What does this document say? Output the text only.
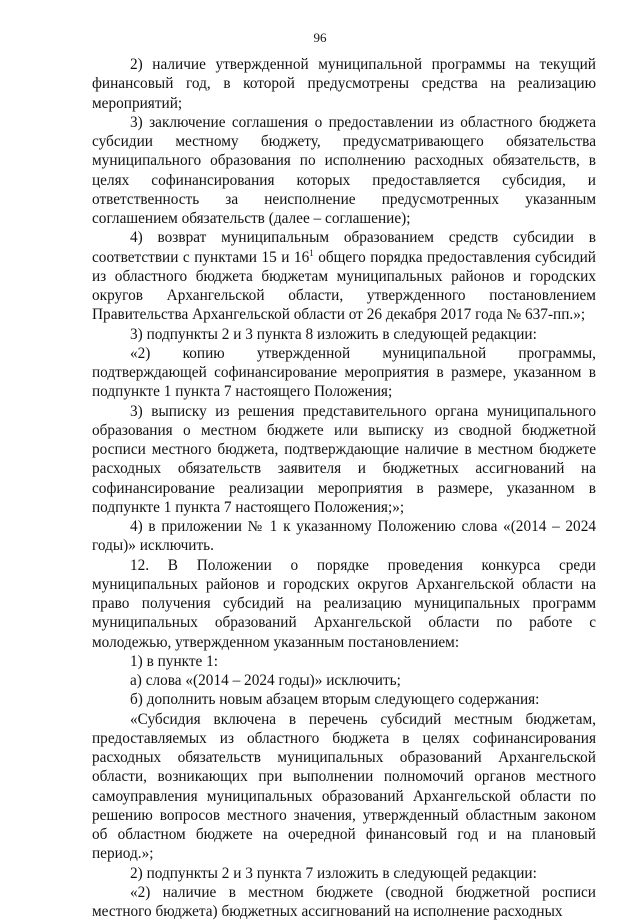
96

2) наличие утвержденной муниципальной программы на текущий финансовый год, в которой предусмотрены средства на реализацию мероприятий;

3) заключение соглашения о предоставлении из областного бюджета субсидии местному бюджету, предусматривающего обязательства муниципального образования по исполнению расходных обязательств, в целях софинансирования которых предоставляется субсидия, и ответственность за неисполнение предусмотренных указанным соглашением обязательств (далее – соглашение);

4) возврат муниципальным образованием средств субсидии в соответствии с пунктами 15 и $16^1$ общего порядка предоставления субсидий из областного бюджета бюджетам муниципальных районов и городских округов Архангельской области, утвержденного постановлением Правительства Архангельской области от 26 декабря 2017 года № 637-пп.»;

3) подпункты 2 и 3 пункта 8 изложить в следующей редакции:

«2) копию утвержденной муниципальной программы, подтверждающей софинансирование мероприятия в размере, указанном в подпункте 1 пункта 7 настоящего Положения;

3) выписку из решения представительного органа муниципального образования о местном бюджете или выписку из сводной бюджетной росписи местного бюджета, подтверждающие наличие в местном бюджете расходных обязательств заявителя и бюджетных ассигнований на софинансирование реализации мероприятия в размере, указанном в подпункте 1 пункта 7 настоящего Положения;»;

4) в приложении № 1 к указанному Положению слова «(2014 – 2024 годы)» исключить.

12. В Положении о порядке проведения конкурса среди муниципальных районов и городских округов Архангельской области на право получения субсидий на реализацию муниципальных программ муниципальных образований Архангельской области по работе с молодежью, утвержденном указанным постановлением:

1) в пункте 1:

а) слова «(2014 – 2024 годы)» исключить;

б) дополнить новым абзацем вторым следующего содержания:

«Субсидия включена в перечень субсидий местным бюджетам, предоставляемых из областного бюджета в целях софинансирования расходных обязательств муниципальных образований Архангельской области, возникающих при выполнении полномочий органов местного самоуправления муниципальных образований Архангельской области по решению вопросов местного значения, утвержденный областным законом об областном бюджете на очередной финансовый год и на плановый период.»;

2) подпункты 2 и 3 пункта 7 изложить в следующей редакции:

«2) наличие в местном бюджете (сводной бюджетной росписи местного бюджета) бюджетных ассигнований на исполнение расходных
